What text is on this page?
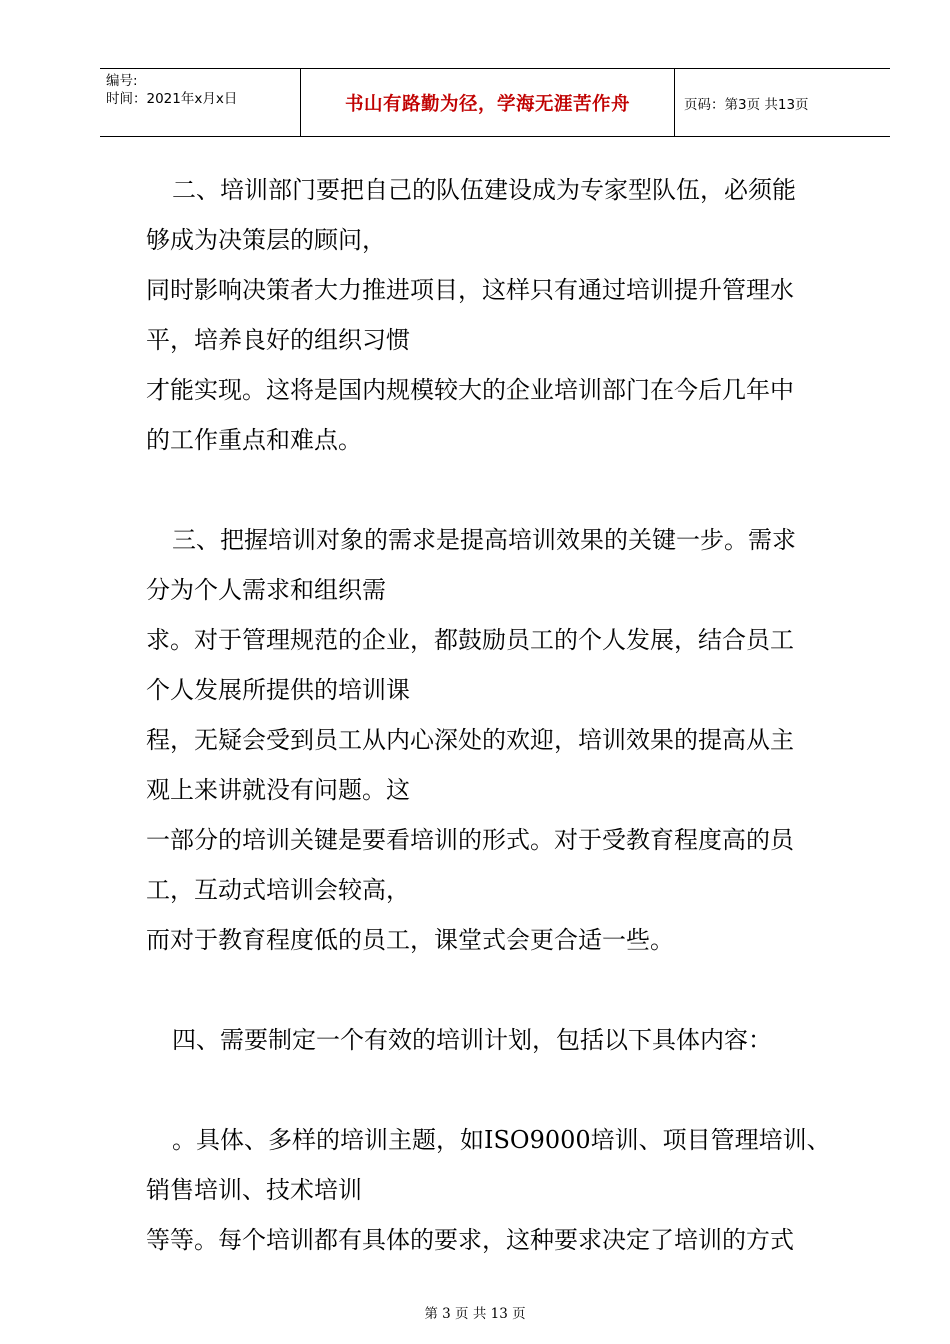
编号:
时间：2021年x月x日	书山有路勤为径，学海无涯苦作舟	页码：第3页 共13页
二、培训部门要把自己的队伍建设成为专家型队伍，必须能
够成为决策层的顾问，
同时影响决策者大力推进项目，这样只有通过培训提升管理水
平，培养良好的组织习惯
才能实现。这将是国内规模较大的企业培训部门在今后几年中
的工作重点和难点。
三、把握培训对象的需求是提高培训效果的关键一步。需求
分为个人需求和组织需
求。对于管理规范的企业，都鼓励员工的个人发展，结合员工
个人发展所提供的培训课
程，无疑会受到员工从内心深处的欢迎，培训效果的提高从主
观上来讲就没有问题。这
一部分的培训关键是要看培训的形式。对于受教育程度高的员
工，互动式培训会较高，
而对于教育程度低的员工，课堂式会更合适一些。
四、需要制定一个有效的培训计划，包括以下具体内容：
。具体、多样的培训主题，如ISO9000培训、项目管理培训、
销售培训、技术培训
等等。每个培训都有具体的要求，这种要求决定了培训的方式
第 3 页 共 13 页
